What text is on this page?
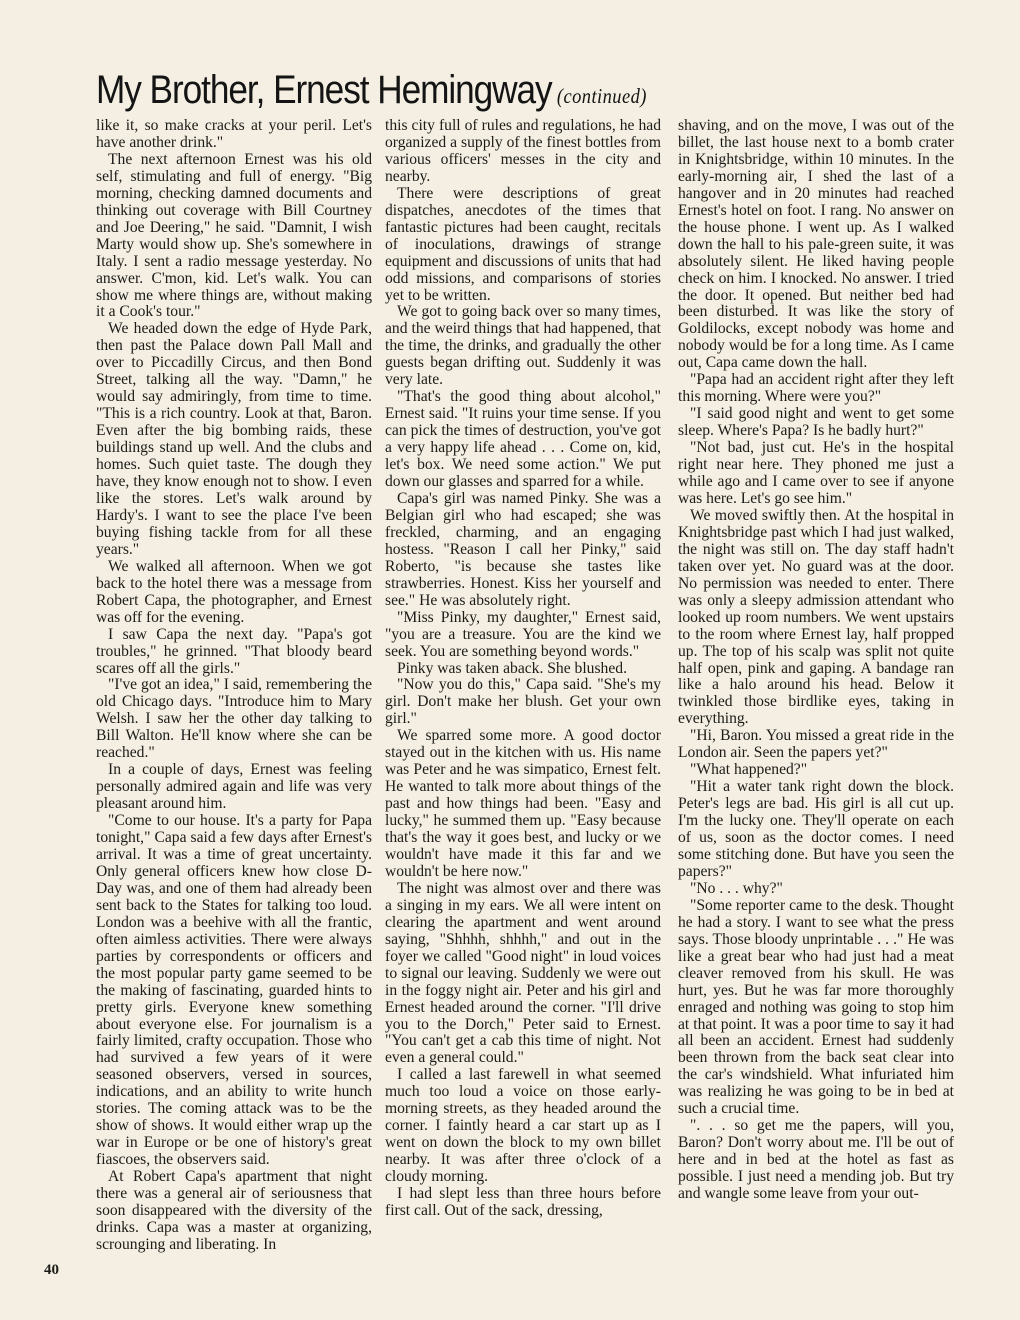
My Brother, Ernest Hemingway (continued)

like it, so make cracks at your peril. Let's have another drink."

The next afternoon Ernest was his old self, stimulating and full of energy. "Big morning, checking damned documents and thinking out coverage with Bill Courtney and Joe Deering," he said. "Damnit, I wish Marty would show up. She's somewhere in Italy. I sent a radio message yesterday. No answer. C'mon, kid. Let's walk. You can show me where things are, without making it a Cook's tour."

We headed down the edge of Hyde Park, then past the Palace down Pall Mall and over to Piccadilly Circus, and then Bond Street, talking all the way. "Damn," he would say admiringly, from time to time. "This is a rich country. Look at that, Baron. Even after the big bombing raids, these buildings stand up well. And the clubs and homes. Such quiet taste. The dough they have, they know enough not to show. I even like the stores. Let's walk around by Hardy's. I want to see the place I've been buying fishing tackle from for all these years."

We walked all afternoon. When we got back to the hotel there was a message from Robert Capa, the photographer, and Ernest was off for the evening.

I saw Capa the next day. "Papa's got troubles," he grinned. "That bloody beard scares off all the girls."

"I've got an idea," I said, remembering the old Chicago days. "Introduce him to Mary Welsh. I saw her the other day talking to Bill Walton. He'll know where she can be reached."

In a couple of days, Ernest was feeling personally admired again and life was very pleasant around him.

"Come to our house. It's a party for Papa tonight," Capa said a few days after Ernest's arrival. It was a time of great uncertainty. Only general officers knew how close D-Day was, and one of them had already been sent back to the States for talking too loud. London was a beehive with all the frantic, often aimless activities. There were always parties by correspondents or officers and the most popular party game seemed to be the making of fascinating, guarded hints to pretty girls. Everyone knew something about everyone else. For journalism is a fairly limited, crafty occupation. Those who had survived a few years of it were seasoned observers, versed in sources, indications, and an ability to write hunch stories. The coming attack was to be the show of shows. It would either wrap up the war in Europe or be one of history's great fiascoes, the observers said.

At Robert Capa's apartment that night there was a general air of seriousness that soon disappeared with the diversity of the drinks. Capa was a master at organizing, scrounging and liberating. In

this city full of rules and regulations, he had organized a supply of the finest bottles from various officers' messes in the city and nearby.

There were descriptions of great dispatches, anecdotes of the times that fantastic pictures had been caught, recitals of inoculations, drawings of strange equipment and discussions of units that had odd missions, and comparisons of stories yet to be written.

We got to going back over so many times, and the weird things that had happened, that the time, the drinks, and gradually the other guests began drifting out. Suddenly it was very late.

"That's the good thing about alcohol," Ernest said. "It ruins your time sense. If you can pick the times of destruction, you've got a very happy life ahead . . . Come on, kid, let's box. We need some action." We put down our glasses and sparred for a while.

Capa's girl was named Pinky. She was a Belgian girl who had escaped; she was freckled, charming, and an engaging hostess. "Reason I call her Pinky," said Roberto, "is because she tastes like strawberries. Honest. Kiss her yourself and see." He was absolutely right.

"Miss Pinky, my daughter," Ernest said, "you are a treasure. You are the kind we seek. You are something beyond words."

Pinky was taken aback. She blushed.

"Now you do this," Capa said. "She's my girl. Don't make her blush. Get your own girl."

We sparred some more. A good doctor stayed out in the kitchen with us. His name was Peter and he was simpatico, Ernest felt. He wanted to talk more about things of the past and how things had been. "Easy and lucky," he summed them up. "Easy because that's the way it goes best, and lucky or we wouldn't have made it this far and we wouldn't be here now."

The night was almost over and there was a singing in my ears. We all were intent on clearing the apartment and went around saying, "Shhhh, shhhh," and out in the foyer we called "Good night" in loud voices to signal our leaving. Suddenly we were out in the foggy night air. Peter and his girl and Ernest headed around the corner. "I'll drive you to the Dorch," Peter said to Ernest. "You can't get a cab this time of night. Not even a general could."

I called a last farewell in what seemed much too loud a voice on those early-morning streets, as they headed around the corner. I faintly heard a car start up as I went on down the block to my own billet nearby. It was after three o'clock of a cloudy morning.

I had slept less than three hours before first call. Out of the sack, dressing,

shaving, and on the move, I was out of the billet, the last house next to a bomb crater in Knightsbridge, within 10 minutes. In the early-morning air, I shed the last of a hangover and in 20 minutes had reached Ernest's hotel on foot. I rang. No answer on the house phone. I went up. As I walked down the hall to his pale-green suite, it was absolutely silent. He liked having people check on him. I knocked. No answer. I tried the door. It opened. But neither bed had been disturbed. It was like the story of Goldilocks, except nobody was home and nobody would be for a long time. As I came out, Capa came down the hall.

"Papa had an accident right after they left this morning. Where were you?"

"I said good night and went to get some sleep. Where's Papa? Is he badly hurt?"

"Not bad, just cut. He's in the hospital right near here. They phoned me just a while ago and I came over to see if anyone was here. Let's go see him."

We moved swiftly then. At the hospital in Knightsbridge past which I had just walked, the night was still on. The day staff hadn't taken over yet. No guard was at the door. No permission was needed to enter. There was only a sleepy admission attendant who looked up room numbers. We went upstairs to the room where Ernest lay, half propped up. The top of his scalp was split not quite half open, pink and gaping. A bandage ran like a halo around his head. Below it twinkled those birdlike eyes, taking in everything.

"Hi, Baron. You missed a great ride in the London air. Seen the papers yet?"

"What happened?"

"Hit a water tank right down the block. Peter's legs are bad. His girl is all cut up. I'm the lucky one. They'll operate on each of us, soon as the doctor comes. I need some stitching done. But have you seen the papers?"

"No . . . why?"

"Some reporter came to the desk. Thought he had a story. I want to see what the press says. Those bloody unprintable . . ." He was like a great bear who had just had a meat cleaver removed from his skull. He was hurt, yes. But he was far more thoroughly enraged and nothing was going to stop him at that point. It was a poor time to say it had all been an accident. Ernest had suddenly been thrown from the back seat clear into the car's windshield. What infuriated him was realizing he was going to be in bed at such a crucial time.

". . . so get me the papers, will you, Baron? Don't worry about me. I'll be out of here and in bed at the hotel as fast as possible. I just need a mending job. But try and wangle some leave from your out-

40
